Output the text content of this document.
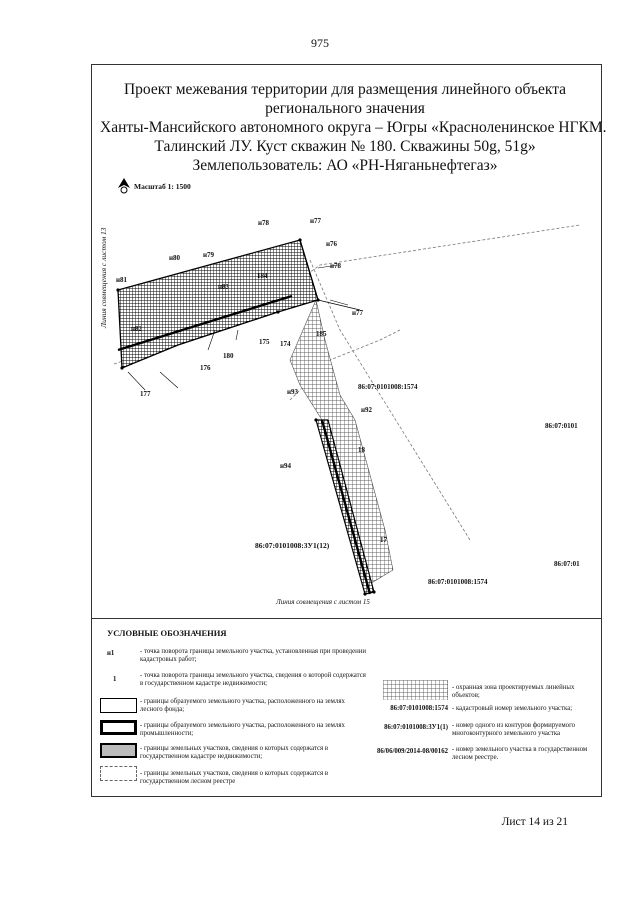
975
Проект межевания территории для размещения линейного объекта
регионального значения
Ханты-Мансийского автономного округа – Югры «Красноленинское НГКМ.
Талинский ЛУ. Куст скважин № 180. Скважины 50g, 51g»
Землепользователь: АО «РН-Няганьнефтегаз»
Масштаб 1: 1500
н77
н78
н76
н78
н79
н80
н81
н82
н83
184
н77
185
175 174
180
176
177	н93
н92
н94
18
17
86:07:0101008:1574
86:07:0101
86:07:01
86:07:0101008:3У1(12)
86:07:0101008:1574
Линия совмещения с листом 13
Линия совмещения с листом 15
УСЛОВНЫЕ ОБОЗНАЧЕНИЯ
н1	- точка поворота границы земельного участка, установленная при проведении кадастровых работ;
1
- точка поворота границы земельного участка, сведения о которой содержатся в государственном кадастре недвижимости;
- границы образуемого земельного участка, расположенного на землях лесного фонда;
- границы образуемого земельного участка, расположенного на землях промышленности;
- границы земельных участков, сведения о которых содержатся в государственном кадастре недвижимости;
- границы земельных участков, сведения о которых содержатся в государственном лесном реестре
- охранная зона проектируемых линейных объектов;
86:07:0101008:1574 - кадастровый номер земельного участка;
86:07:0101008:3У1(1) - номер одного из контуров формируемого многоконтурного земельного участка
86/06/009/2014-08/00162 - номер земельного участка в государственном лесном реестре.
Лист 14 из 21
